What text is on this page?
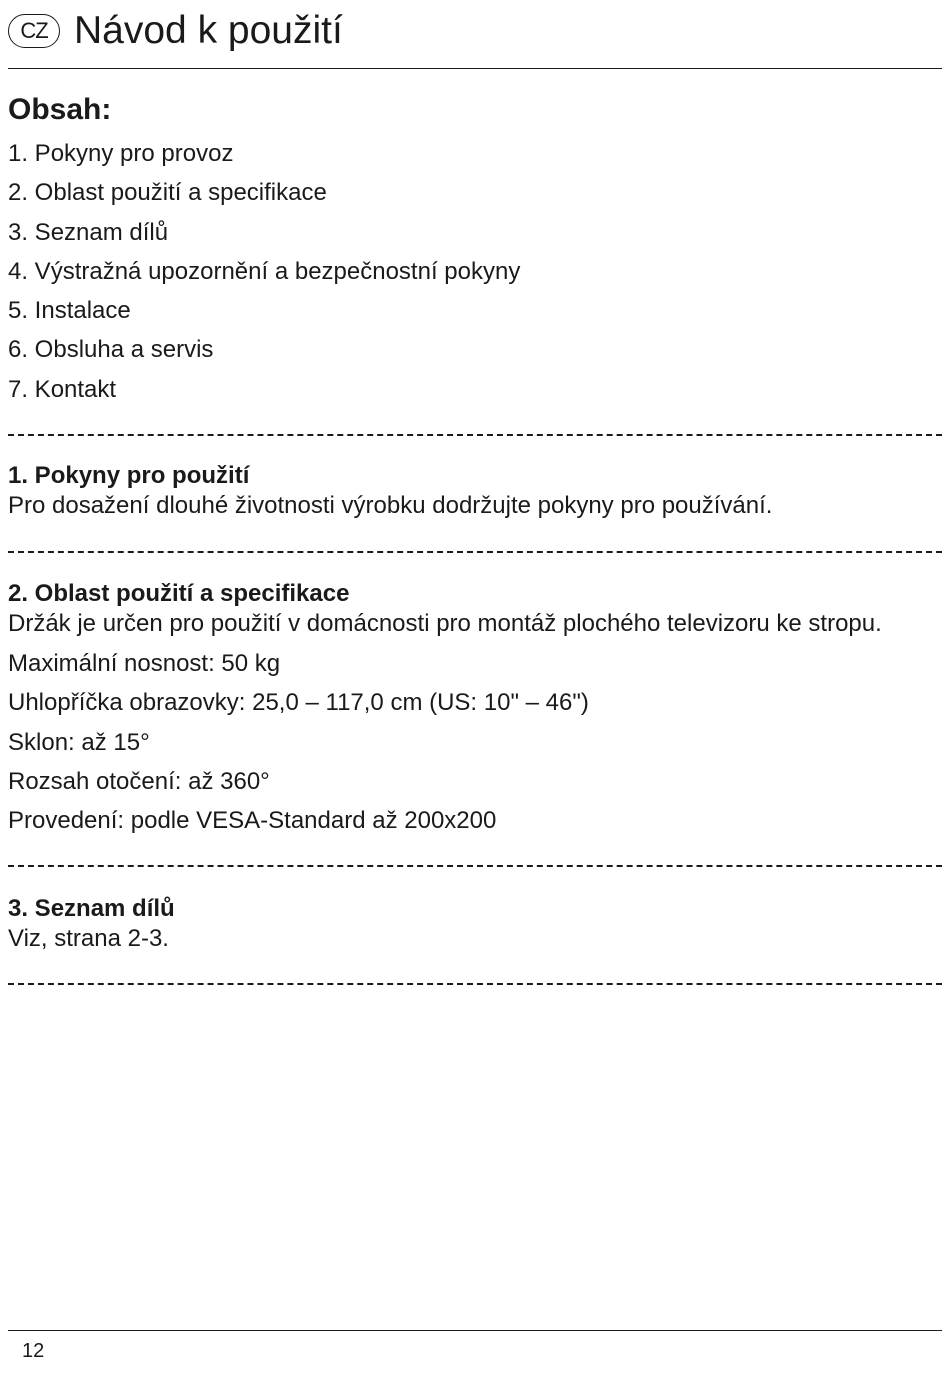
CZ Návod k použití
Obsah:
1. Pokyny pro provoz
2. Oblast použití a specifikace
3. Seznam dílů
4. Výstražná upozornění a bezpečnostní pokyny
5. Instalace
6. Obsluha a servis
7. Kontakt
1. Pokyny pro použití

Pro dosažení dlouhé životnosti výrobku dodržujte pokyny pro používání.

2. Oblast použití a specifikace

Držák je určen pro použití v domácnosti pro montáž plochého televizoru ke stropu.

Maximální nosnost: 50 kg
Uhlopříčka obrazovky: 25,0 – 117,0 cm (US: 10" – 46")
Sklon: až 15°
Rozsah otočení: až 360°
Provedení: podle VESA-Standard až 200x200
3. Seznam dílů

Viz, strana 2-3.

12
